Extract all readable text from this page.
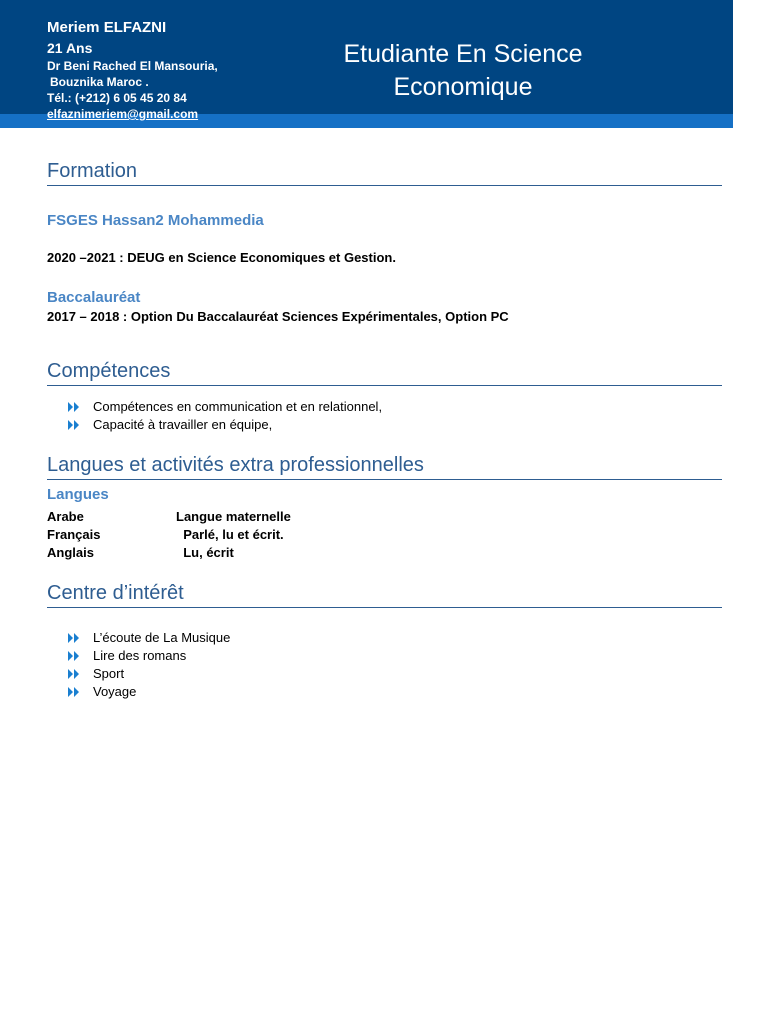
Meriem ELFAZNI
21 Ans
Dr Beni Rached El Mansouria,
Bouznika Maroc .
Tél.: (+212) 6 05 45 20 84
elfaznimeriem@gmail.com
Etudiante En Science
Economique
Formation
FSGES Hassan2 Mohammedia
2020 –2021 : DEUG en Science Economiques et Gestion.
Baccalauréat
2017 – 2018 : Option Du Baccalauréat Sciences Expérimentales, Option PC
Compétences
Compétences en communication et en relationnel,
Capacité à travailler en équipe,
Langues et activités extra professionnelles
Langues
Arabe	Langue maternelle
Français	Parlé, lu et écrit.
Anglais	Lu, écrit
Centre d’intérêt
L’écoute de La Musique
Lire des romans
Sport
Voyage
